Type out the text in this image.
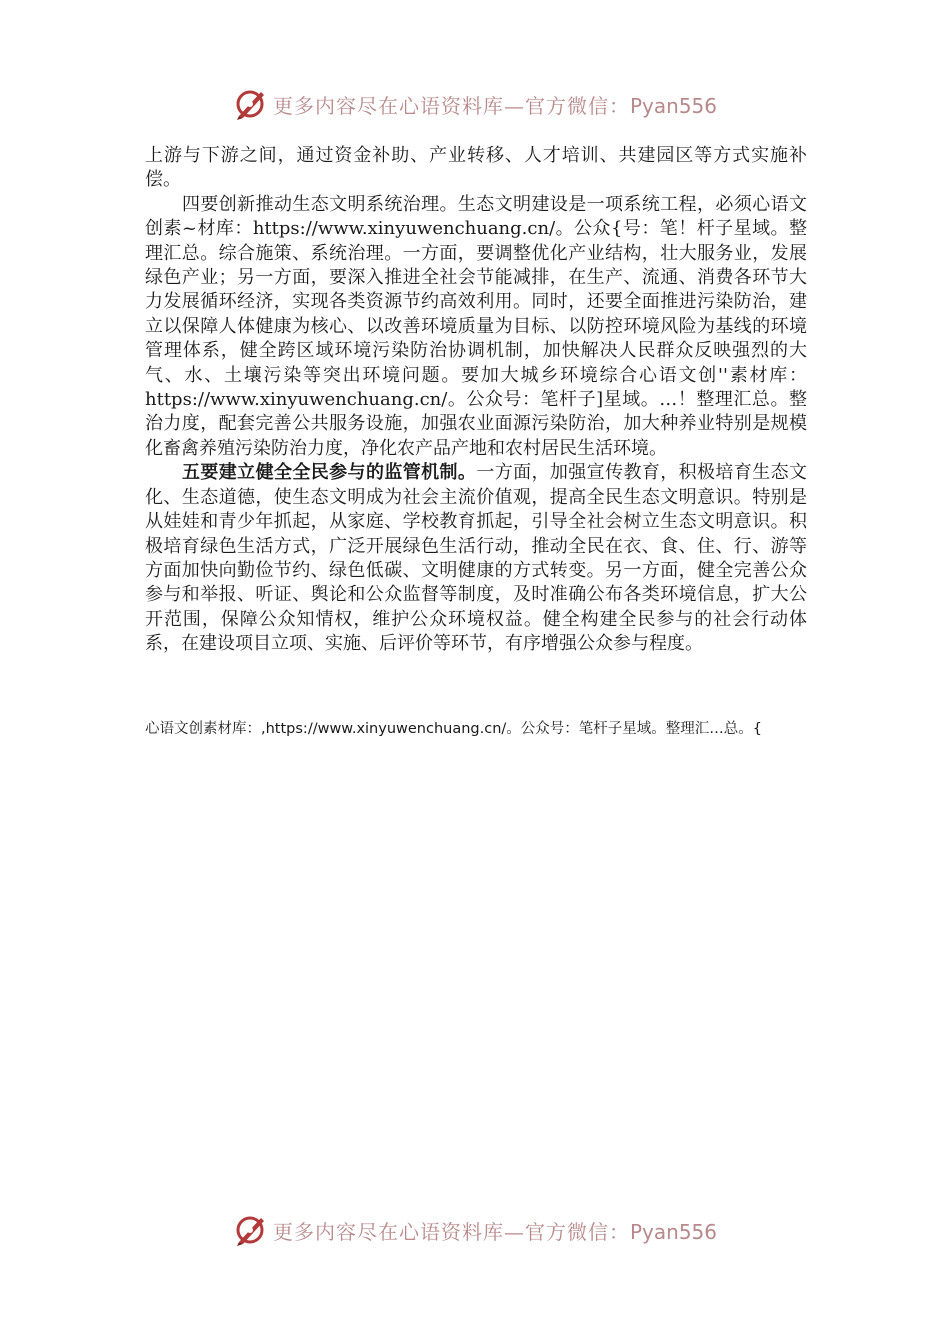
更多内容尽在心语资料库—官方微信：Pyan556

上游与下游之间，通过资金补助、产业转移、人才培训、共建园区等方式实施补偿。

四要创新推动生态文明系统治理。生态文明建设是一项系统工程，必须心语文创素~材库：https://www.xinyuwenchuang.cn/。公众{号：笔！杆子星域。整理汇总。综合施策、系统治理。一方面，要调整优化产业结构，壮大服务业，发展绿色产业；另一方面，要深入推进全社会节能减排，在生产、流通、消费各环节大力发展循环经济，实现各类资源节约高效利用。同时，还要全面推进污染防治，建立以保障人体健康为核心、以改善环境质量为目标、以防控环境风险为基线的环境管理体系，健全跨区域环境污染防治协调机制，加快解决人民群众反映强烈的大气、水、土壤污染等突出环境问题。要加大城乡环境综合心语文创''素材库：https://www.xinyuwenchuang.cn/。公众号：笔杆子]星域。…！整理汇总。整治力度，配套完善公共服务设施，加强农业面源污染防治，加大种养业特别是规模化畜禽养殖污染防治力度，净化农产品产地和农村居民生活环境。

五要建立健全全民参与的监管机制。一方面，加强宣传教育，积极培育生态文化、生态道德，使生态文明成为社会主流价值观，提高全民生态文明意识。特别是从娃娃和青少年抓起，从家庭、学校教育抓起，引导全社会树立生态文明意识。积极培育绿色生活方式，广泛开展绿色生活行动，推动全民在衣、食、住、行、游等方面加快向勤俭节约、绿色低碳、文明健康的方式转变。另一方面，健全完善公众参与和举报、听证、舆论和公众监督等制度，及时准确公布各类环境信息，扩大公开范围，保障公众知情权，维护公众环境权益。健全构建全民参与的社会行动体系，在建设项目立项、实施、后评价等环节，有序增强公众参与程度。

心语文创素材库：,https://www.xinyuwenchuang.cn/。公众号：笔杆子星域。整理汇…总。{
更多内容尽在心语资料库—官方微信：Pyan556
